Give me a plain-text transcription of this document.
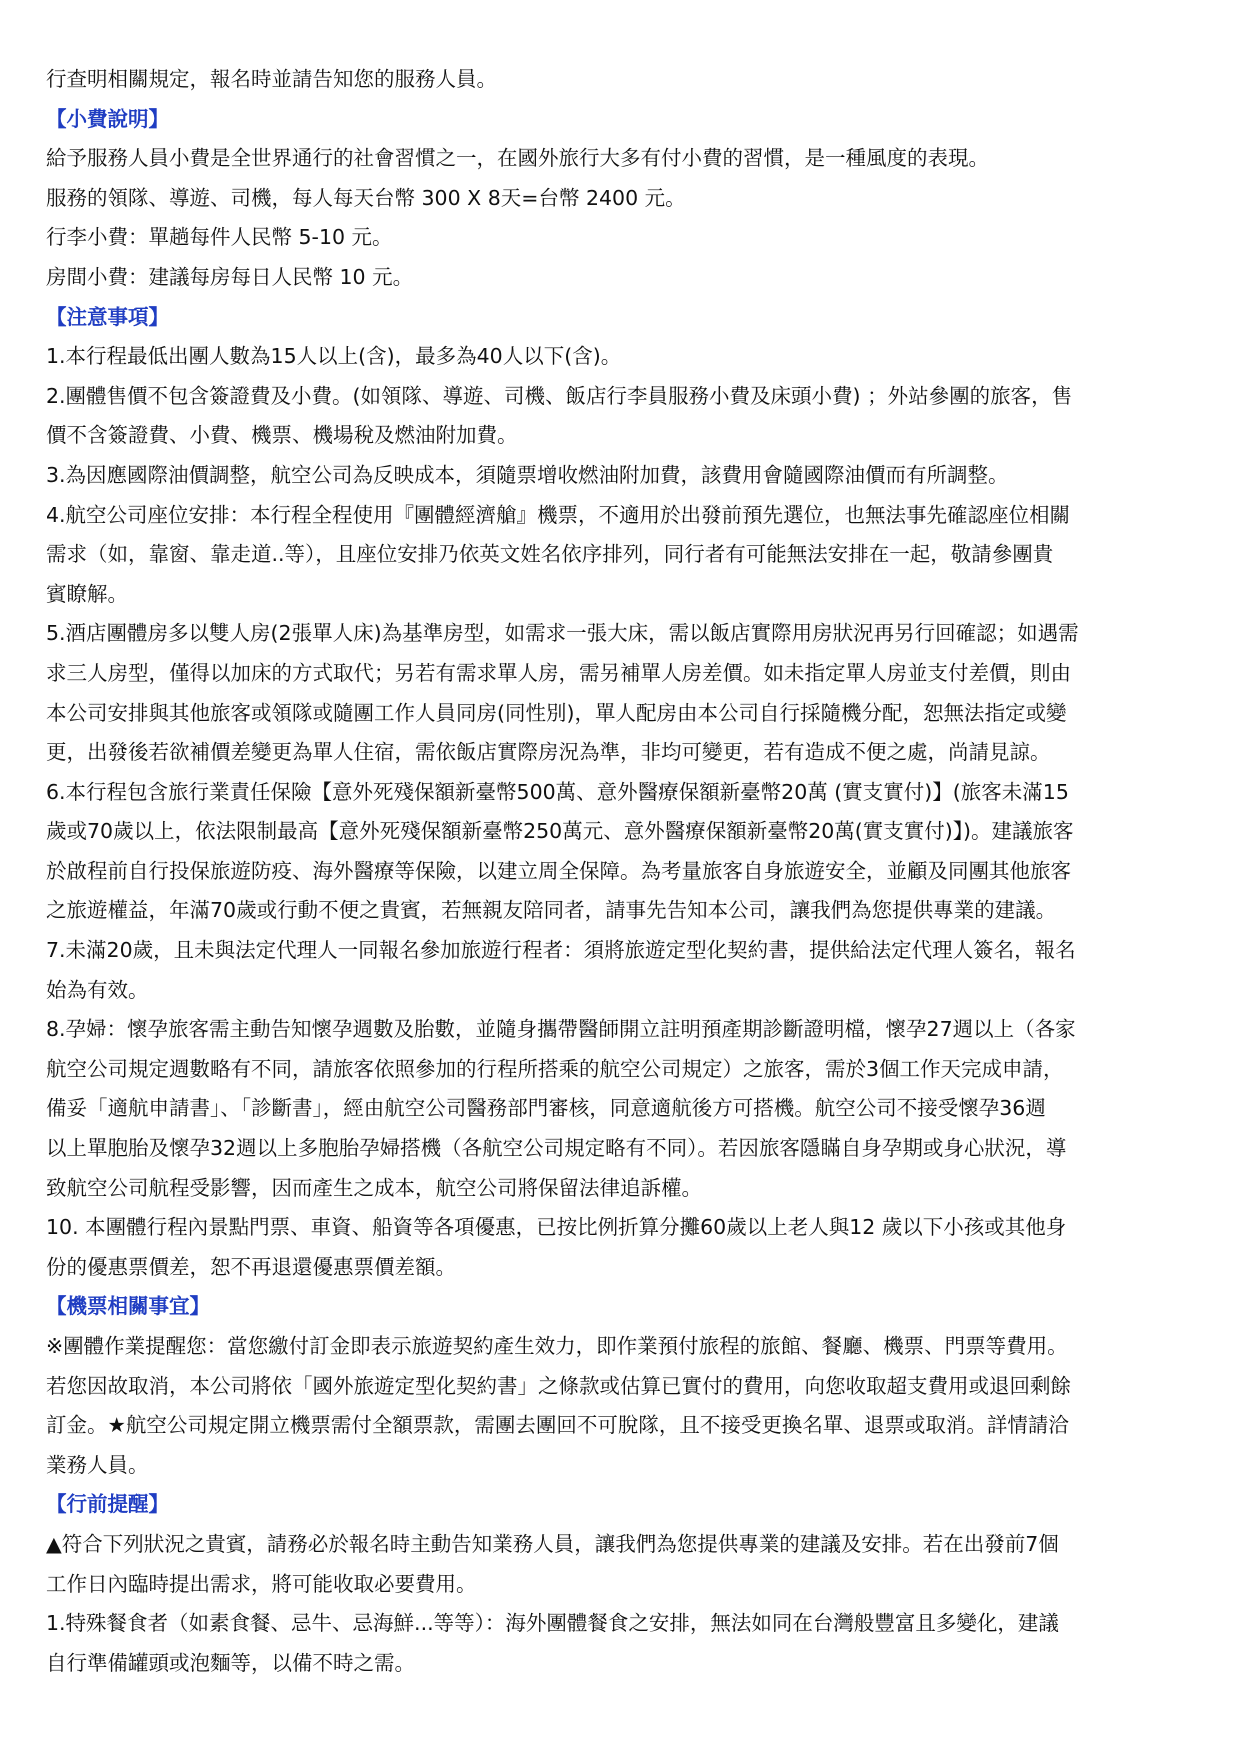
行查明相關規定，報名時並請告知您的服務人員。

【小費說明】

給予服務人員小費是全世界通行的社會習慣之一，在國外旅行大多有付小費的習慣，是一種風度的表現。

服務的領隊、導遊、司機，每人每天台幣 300 X 8天=台幣 2400 元。

行李小費：單趟每件人民幣 5-10 元。

房間小費：建議每房每日人民幣 10 元。

【注意事項】

1.本行程最低出團人數為15人以上(含)，最多為40人以下(含)。

2.團體售價不包含簽證費及小費。(如領隊、導遊、司機、飯店行李員服務小費及床頭小費) ；外站參團的旅客，售

價不含簽證費、小費、機票、機場稅及燃油附加費。

3.為因應國際油價調整，航空公司為反映成本，須隨票增收燃油附加費，該費用會隨國際油價而有所調整。

4.航空公司座位安排：本行程全程使用『團體經濟艙』機票，不適用於出發前預先選位，也無法事先確認座位相關

需求（如，靠窗、靠走道..等），且座位安排乃依英文姓名依序排列，同行者有可能無法安排在一起，敬請參團貴

賓瞭解。

5.酒店團體房多以雙人房(2張單人床)為基準房型，如需求一張大床，需以飯店實際用房狀況再另行回確認；如遇需

求三人房型，僅得以加床的方式取代；另若有需求單人房，需另補單人房差價。如未指定單人房並支付差價，則由

本公司安排與其他旅客或領隊或隨團工作人員同房(同性別)，單人配房由本公司自行採隨機分配，恕無法指定或變

更，出發後若欲補價差變更為單人住宿，需依飯店實際房況為準，非均可變更，若有造成不便之處，尚請見諒。

6.本行程包含旅行業責任保險【意外死殘保額新臺幣500萬、意外醫療保額新臺幣20萬 (實支實付)】(旅客未滿15

歲或70歲以上，依法限制最高【意外死殘保額新臺幣250萬元、意外醫療保額新臺幣20萬(實支實付)】)。建議旅客

於啟程前自行投保旅遊防疫、海外醫療等保險，以建立周全保障。為考量旅客自身旅遊安全，並顧及同團其他旅客

之旅遊權益，年滿70歲或行動不便之貴賓，若無親友陪同者，請事先告知本公司，讓我們為您提供專業的建議。

7.未滿20歲，且未與法定代理人一同報名參加旅遊行程者：須將旅遊定型化契約書，提供給法定代理人簽名，報名

始為有效。

8.孕婦：懷孕旅客需主動告知懷孕週數及胎數，並隨身攜帶醫師開立註明預產期診斷證明檔，懷孕27週以上（各家

航空公司規定週數略有不同，請旅客依照參加的行程所搭乘的航空公司規定）之旅客，需於3個工作天完成申請，

備妥「適航申請書」、「診斷書」，經由航空公司醫務部門審核，同意適航後方可搭機。航空公司不接受懷孕36週

以上單胞胎及懷孕32週以上多胞胎孕婦搭機（各航空公司規定略有不同）。若因旅客隱瞞自身孕期或身心狀況，導

致航空公司航程受影響，因而產生之成本，航空公司將保留法律追訴權。

10. 本團體行程內景點門票、車資、船資等各項優惠，已按比例折算分攤60歲以上老人與12 歲以下小孩或其他身

份的優惠票價差，恕不再退還優惠票價差額。

【機票相關事宜】

※團體作業提醒您：當您繳付訂金即表示旅遊契約產生效力，即作業預付旅程的旅館、餐廳、機票、門票等費用。

若您因故取消，本公司將依「國外旅遊定型化契約書」之條款或估算已實付的費用，向您收取超支費用或退回剩餘

訂金。★航空公司規定開立機票需付全額票款，需團去團回不可脫隊，且不接受更換名單、退票或取消。詳情請洽

業務人員。

【行前提醒】

▲符合下列狀況之貴賓，請務必於報名時主動告知業務人員，讓我們為您提供專業的建議及安排。若在出發前7個

工作日內臨時提出需求，將可能收取必要費用。

1.特殊餐食者（如素食餐、忌牛、忌海鮮...等等）：海外團體餐食之安排，無法如同在台灣般豐富且多變化，建議

自行準備罐頭或泡麵等，以備不時之需。
